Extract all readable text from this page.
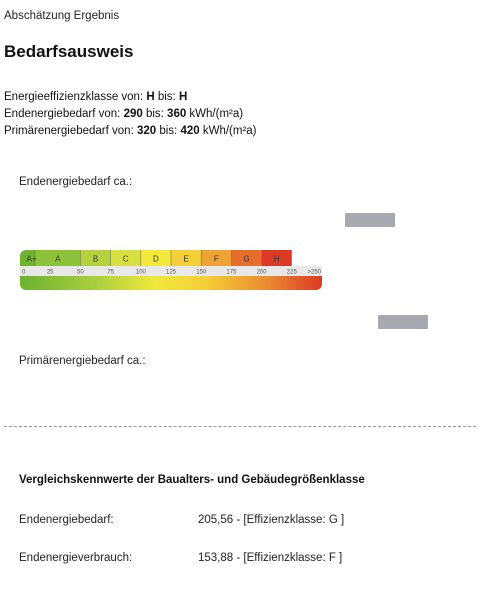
Abschätzung Ergebnis
Bedarfsausweis
Energieeffizienzklasse von: H bis: H
Endenergiebedarf von: 290 bis: 360 kWh/(m²a)
Primärenergiebedarf von: 320 bis: 420 kWh/(m²a)
Endenergiebedarf ca.:
A+ A	B	C	D	E	F	G	H
0	25	50	75	100	125	150	175	200	225 >250
Primärenergiebedarf ca.:
Vergleichskennwerte der Baualters- und Gebäudegrößenklasse
Endenergiebedarf:	205,56 - [Effizienzklasse: G ]
Endenergieverbrauch:	153,88 - [Effizienzklasse: F ]
